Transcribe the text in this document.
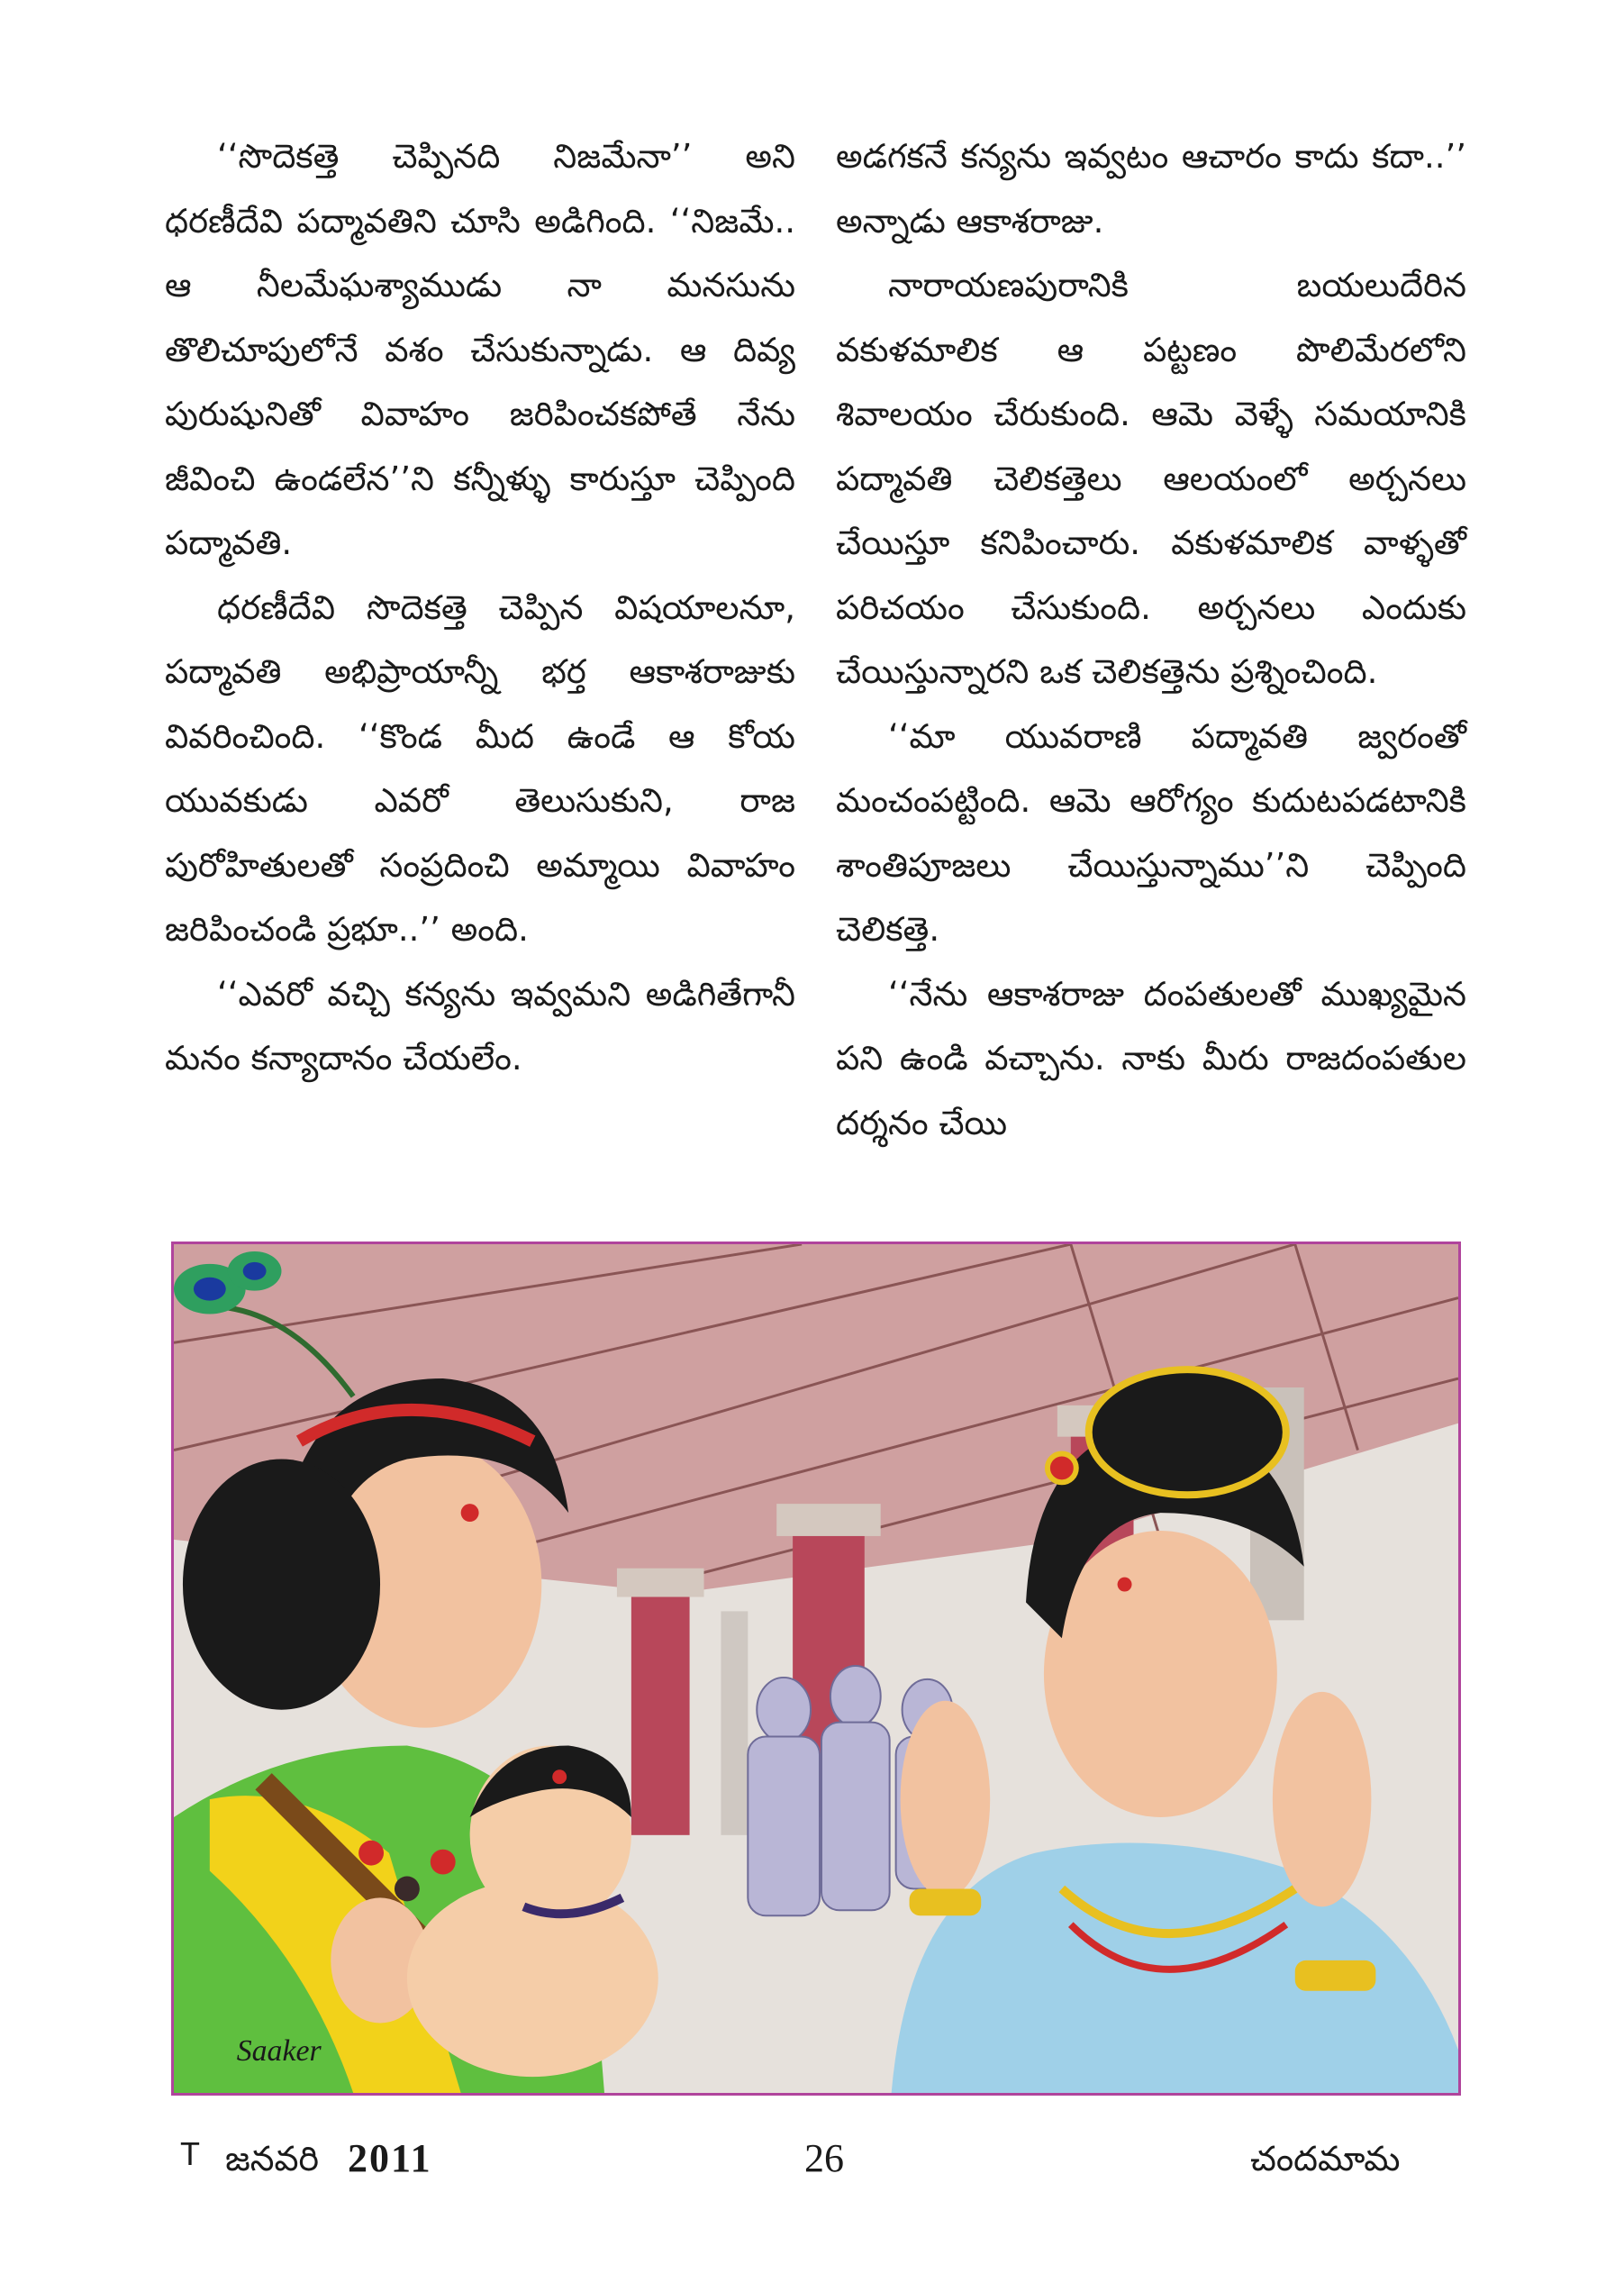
‘‘సొదెకత్తె చెప్పినది నిజమేనా’’ అని ధరణీదేవి పద్మావతిని చూసి అడిగింది. ‘‘నిజమే.. ఆ నీలమేఘశ్యాముడు నా మనసును తొలిచూపులోనే వశం చేసుకున్నాడు. ఆ దివ్య పురుషునితో వివాహం జరిపించకపోతే నేను జీవించి ఉండలేన’’ని కన్నీళ్ళు కారుస్తూ చెప్పింది పద్మావతి.

ధరణీదేవి సొదెకత్తె చెప్పిన విషయాలనూ, పద్మావతి అభిప్రాయాన్నీ భర్త ఆకాశరాజుకు వివరించింది. ‘‘కొండ మీద ఉండే ఆ కోయ యువకుడు ఎవరో తెలుసుకుని, రాజ పురోహితులతో సంప్రదించి అమ్మాయి వివాహం జరిపించండి ప్రభూ..’’ అంది.

‘‘ఎవరో వచ్చి కన్యను ఇవ్వమని అడిగితేగానీ మనం కన్యాదానం చేయలేం.

అడగకనే కన్యను ఇవ్వటం ఆచారం కాదు కదా..’’ అన్నాడు ఆకాశరాజు.

నారాయణపురానికి బయలుదేరిన వకుళమాలిక ఆ పట్టణం పొలిమేరలోని శివాలయం చేరుకుంది. ఆమె వెళ్ళే సమయానికి పద్మావతి చెలికత్తెలు ఆలయంలో అర్చనలు చేయిస్తూ కనిపించారు. వకుళమాలిక వాళ్ళతో పరిచయం చేసుకుంది. అర్చనలు ఎందుకు చేయిస్తున్నారని ఒక చెలికత్తెను ప్రశ్నించింది.

‘‘మా యువరాణి పద్మావతి జ్వరంతో మంచంపట్టింది. ఆమె ఆరోగ్యం కుదుటపడటానికి శాంతిపూజలు చేయిస్తున్నాము’’ని చెప్పింది చెలికత్తె.

‘‘నేను ఆకాశరాజు దంపతులతో ముఖ్యమైన పని ఉండి వచ్చాను. నాకు మీరు రాజదంపతుల దర్శనం చేయి

Saaker
T జనవరి 2011	26	చందమామ
